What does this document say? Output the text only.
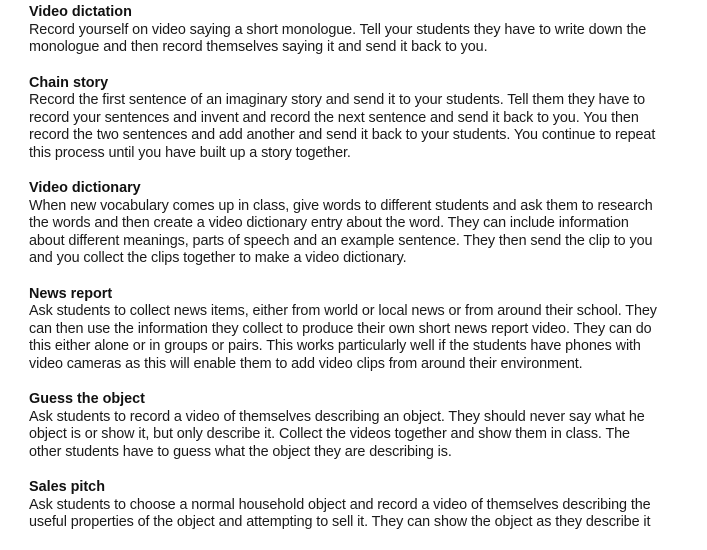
Video dictation
Record yourself on video saying a short monologue. Tell your students they have to write down the
monologue and then record themselves saying it and send it back to you.
Chain story
Record the first sentence of an imaginary story and send it to your students. Tell them they have to
record your sentences and invent and record the next sentence and send it back to you. You then
record the two sentences and add another and send it back to your students. You continue to repeat
this process until you have built up a story together.
Video dictionary
When new vocabulary comes up in class, give words to different students and ask them to research
the words and then create a video dictionary entry about the word. They can include information
about different meanings, parts of speech and an example sentence. They then send the clip to you
and you collect the clips together to make a video dictionary.
News report
Ask students to collect news items, either from world or local news or from around their school. They
can then use the information they collect to produce their own short news report video. They can do
this either alone or in groups or pairs. This works particularly well if the students have phones with
video cameras as this will enable them to add video clips from around their environment.
Guess the object
Ask students to record a video of themselves describing an object. They should never say what he
object is or show it, but only describe it. Collect the videos together and show them in class. The
other students have to guess what the object they are describing is.
Sales pitch
Ask students to choose a normal household object and record a video of themselves describing the
useful properties of the object and attempting to sell it. They can show the object as they describe it
